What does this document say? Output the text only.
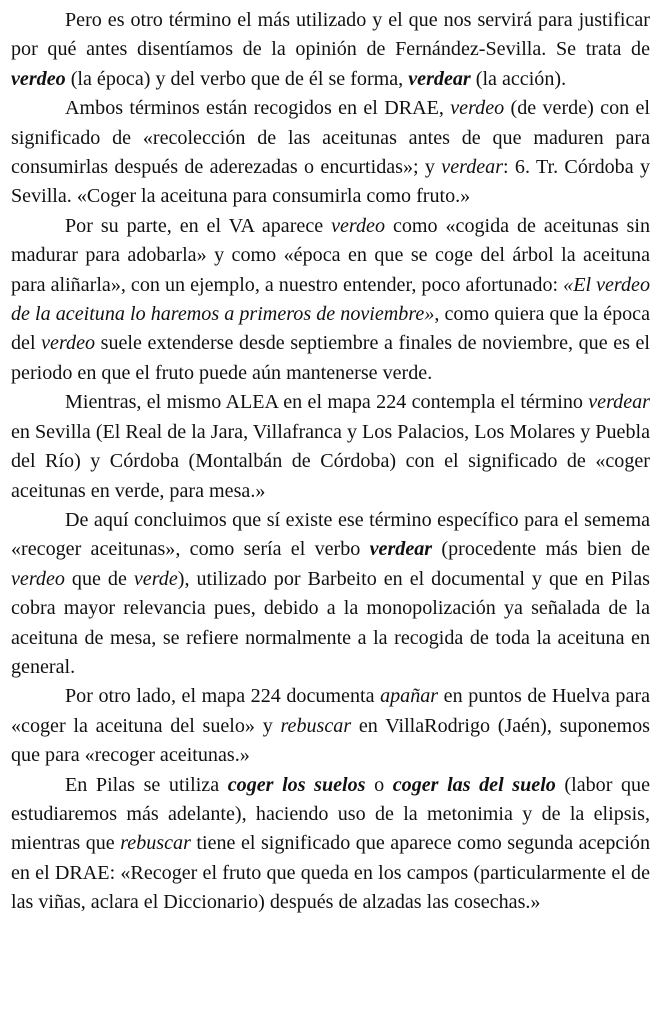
Pero es otro término el más utilizado y el que nos servirá para justificar por qué antes disentíamos de la opinión de Fernández-Sevilla. Se trata de verdeo (la época) y del verbo que de él se forma, verdear (la acción).

Ambos términos están recogidos en el DRAE, verdeo (de verde) con el significado de «recolección de las aceitunas antes de que maduren para consumirlas después de aderezadas o encurtidas»; y verdear: 6. Tr. Córdoba y Sevilla. «Coger la aceituna para consumirla como fruto.»

Por su parte, en el VA aparece verdeo como «cogida de aceitunas sin madurar para adobarla» y como «época en que se coge del árbol la aceituna para aliñarla», con un ejemplo, a nuestro entender, poco afortunado: «El verdeo de la aceituna lo haremos a primeros de noviembre», como quiera que la época del verdeo suele extenderse desde septiembre a finales de noviembre, que es el periodo en que el fruto puede aún mantenerse verde.

Mientras, el mismo ALEA en el mapa 224 contempla el término verdear en Sevilla (El Real de la Jara, Villafranca y Los Palacios, Los Molares y Puebla del Río) y Córdoba (Montalbán de Córdoba) con el significado de «coger aceitunas en verde, para mesa.»

De aquí concluimos que sí existe ese término específico para el semema «recoger aceitunas», como sería el verbo verdear (procedente más bien de verdeo que de verde), utilizado por Barbeito en el documental y que en Pilas cobra mayor relevancia pues, debido a la monopolización ya señalada de la aceituna de mesa, se refiere normalmente a la recogida de toda la aceituna en general.

Por otro lado, el mapa 224 documenta apañar en puntos de Huelva para «coger la aceituna del suelo» y rebuscar en VillaRodrigo (Jaén), suponemos que para «recoger aceitunas.»

En Pilas se utiliza coger los suelos o coger las del suelo (labor que estudiaremos más adelante), haciendo uso de la metonimia y de la elipsis, mientras que rebuscar tiene el significado que aparece como segunda acepción en el DRAE: «Recoger el fruto que queda en los campos (particularmente el de las viñas, aclara el Diccionario) después de alzadas las cosechas.»
